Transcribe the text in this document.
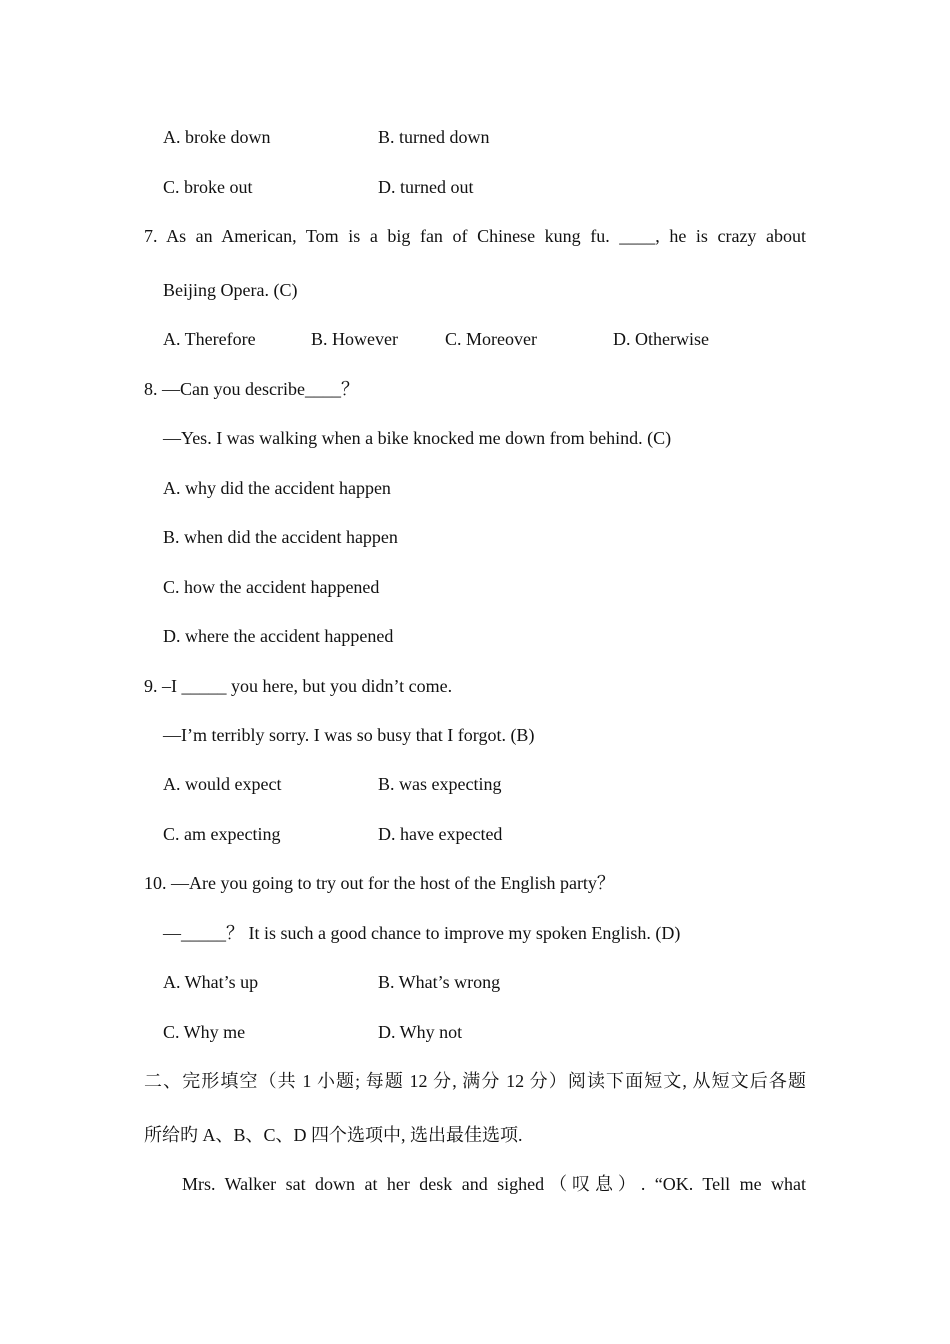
A. broke down	B. turned down
C. broke out	D. turned out
7. As an American, Tom is a big fan of Chinese kung fu. ____, he is crazy about
Beijing Opera. (C)
A. Therefore	B. However	C. Moreover	D. Otherwise
8. —Can you describe____？
—Yes. I was walking when a bike knocked me down from behind. (C)
A. why did the accident happen
B. when did the accident happen
C. how the accident happened
D. where the accident happened
9. –I _____ you here, but you didn’t come.
—I’m terribly sorry. I was so busy that I forgot. (B)
A. would expect	B. was expecting
C. am expecting	D. have expected
10. —Are you going to try out for the host of the English party？
—_____？ It is such a good chance to improve my spoken English. (D)
A. What’s up	B. What’s wrong
C. Why me	D. Why not
二、完形填空（共 1 小题; 每题 12 分, 满分 12 分）阅读下面短文, 从短文后各题
所给旳 A、B、C、D 四个选项中, 选出最佳选项.
Mrs. Walker sat down at her desk and sighed（叹息）. “OK. Tell me what
